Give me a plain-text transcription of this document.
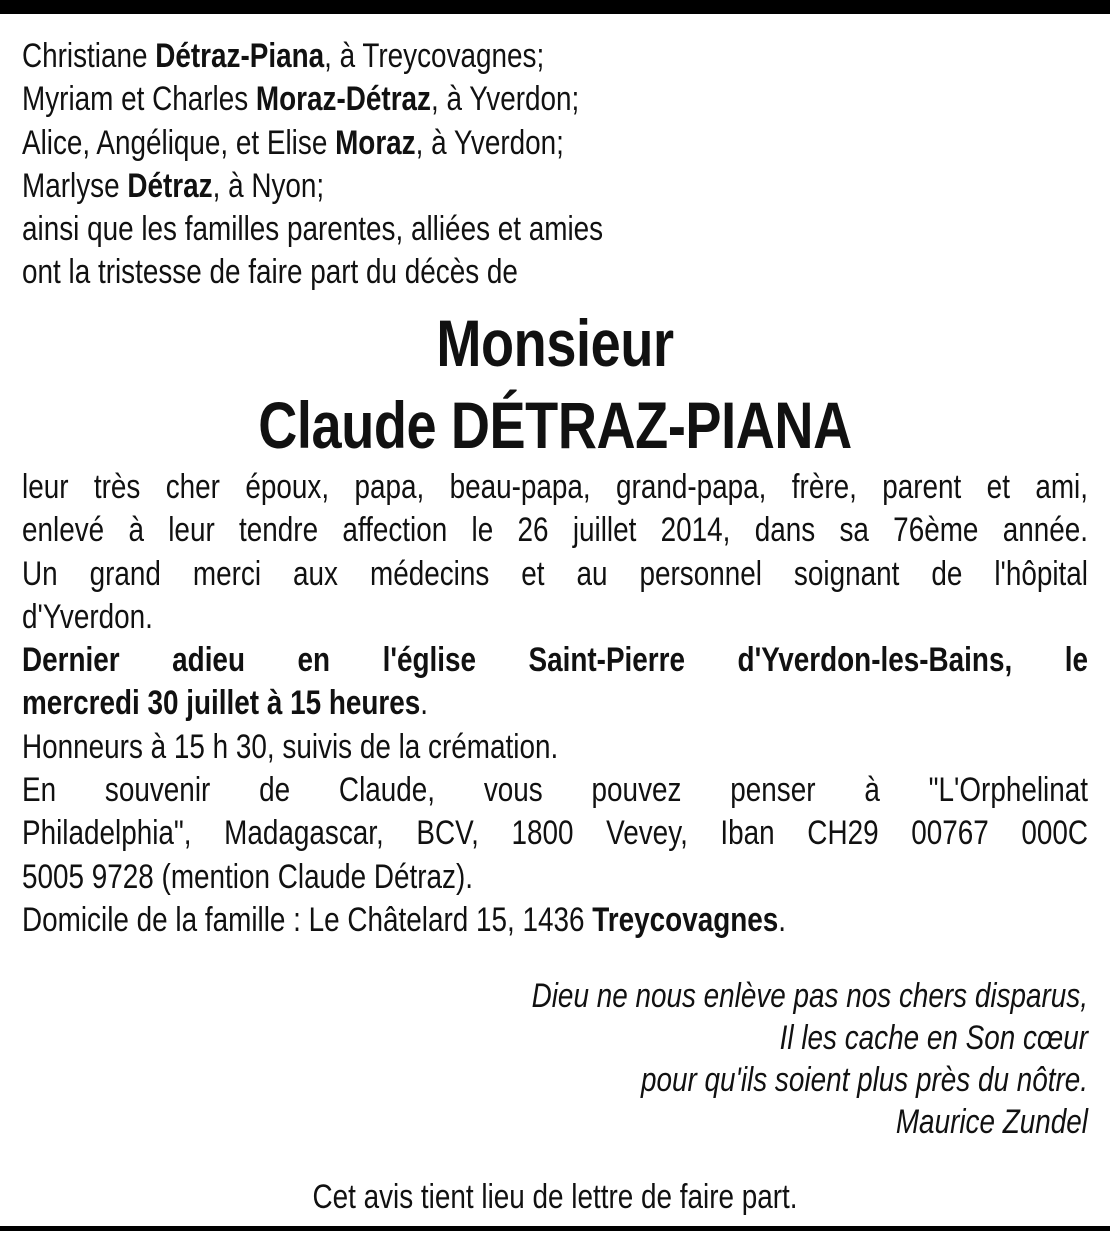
Christiane Détraz-Piana, à Treycovagnes;
Myriam et Charles Moraz-Détraz, à Yverdon;
Alice, Angélique, et Elise Moraz, à Yverdon;
Marlyse Détraz, à Nyon;
ainsi que les familles parentes, alliées et amies
ont la tristesse de faire part du décès de
Monsieur
Claude DÉTRAZ-PIANA
leur très cher époux, papa, beau-papa, grand-papa, frère, parent et ami,
enlevé à leur tendre affection le 26 juillet 2014, dans sa 76ème année.
Un grand merci aux médecins et au personnel soignant de l'hôpital
d'Yverdon.
Dernier adieu en l'église Saint-Pierre d'Yverdon-les-Bains, le
mercredi 30 juillet à 15 heures.
Honneurs à 15 h 30, suivis de la crémation.
En souvenir de Claude, vous pouvez penser à "L'Orphelinat
Philadelphia", Madagascar, BCV, 1800 Vevey, Iban CH29 00767 000C
5005 9728 (mention Claude Détraz).
Domicile de la famille : Le Châtelard 15, 1436 Treycovagnes.
Dieu ne nous enlève pas nos chers disparus,
Il les cache en Son cœur
pour qu'ils soient plus près du nôtre.
Maurice Zundel
Cet avis tient lieu de lettre de faire part.
